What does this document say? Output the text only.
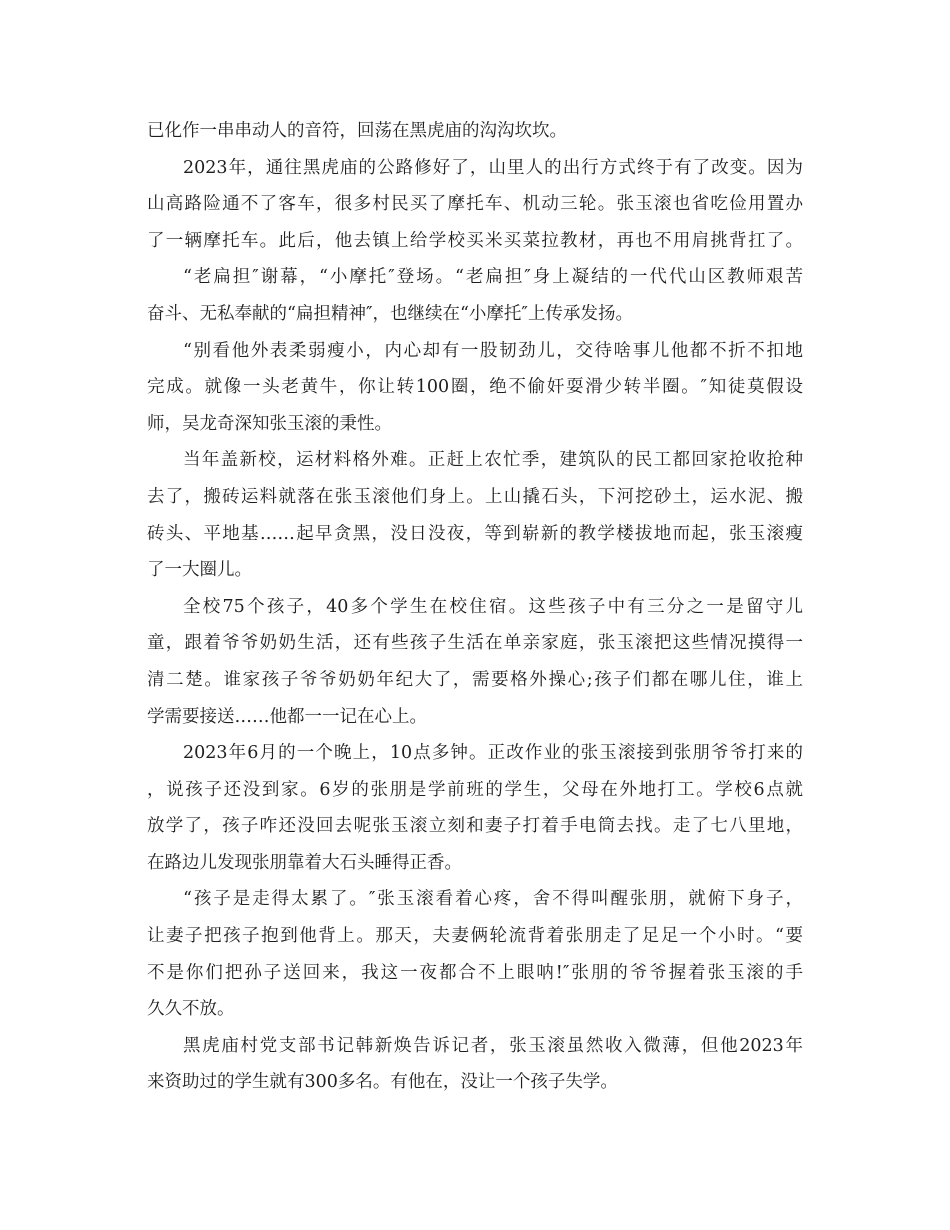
已化作一串串动人的音符，回荡在黑虎庙的沟沟坎坎。
2023年，通往黑虎庙的公路修好了，山里人的出行方式终于有了改变。因为
山高路险通不了客车，很多村民买了摩托车、机动三轮。张玉滚也省吃俭用置办
了一辆摩托车。此后，他去镇上给学校买米买菜拉教材，再也不用肩挑背扛了。
“老扁担″谢幕，“小摩托″登场。“老扁担″身上凝结的一代代山区教师艰苦
奋斗、无私奉献的“扁担精神″，也继续在“小摩托″上传承发扬。
“别看他外表柔弱瘦小，内心却有一股韧劲儿，交待啥事儿他都不折不扣地
完成。就像一头老黄牛，你让转100圈，绝不偷奸耍滑少转半圈。″知徒莫假设
师，吴龙奇深知张玉滚的秉性。
当年盖新校，运材料格外难。正赶上农忙季，建筑队的民工都回家抢收抢种
去了，搬砖运料就落在张玉滚他们身上。上山撬石头，下河挖砂土，运水泥、搬
砖头、平地基……起早贪黑，没日没夜，等到崭新的教学楼拔地而起，张玉滚瘦
了一大圈儿。
全校75个孩子，40多个学生在校住宿。这些孩子中有三分之一是留守儿
童，跟着爷爷奶奶生活，还有些孩子生活在单亲家庭，张玉滚把这些情况摸得一
清二楚。谁家孩子爷爷奶奶年纪大了，需要格外操心;孩子们都在哪儿住，谁上
学需要接送……他都一一记在心上。
2023年6月的一个晚上，10点多钟。正改作业的张玉滚接到张朋爷爷打来的
，说孩子还没到家。6岁的张朋是学前班的学生，父母在外地打工。学校6点就
放学了，孩子咋还没回去呢张玉滚立刻和妻子打着手电筒去找。走了七八里地，
在路边儿发现张朋靠着大石头睡得正香。
“孩子是走得太累了。″张玉滚看着心疼，舍不得叫醒张朋，就俯下身子，
让妻子把孩子抱到他背上。那天，夫妻俩轮流背着张朋走了足足一个小时。“要
不是你们把孙子送回来，我这一夜都合不上眼呐!″张朋的爷爷握着张玉滚的手
久久不放。
黑虎庙村党支部书记韩新焕告诉记者，张玉滚虽然收入微薄，但他2023年
来资助过的学生就有300多名。有他在，没让一个孩子失学。
